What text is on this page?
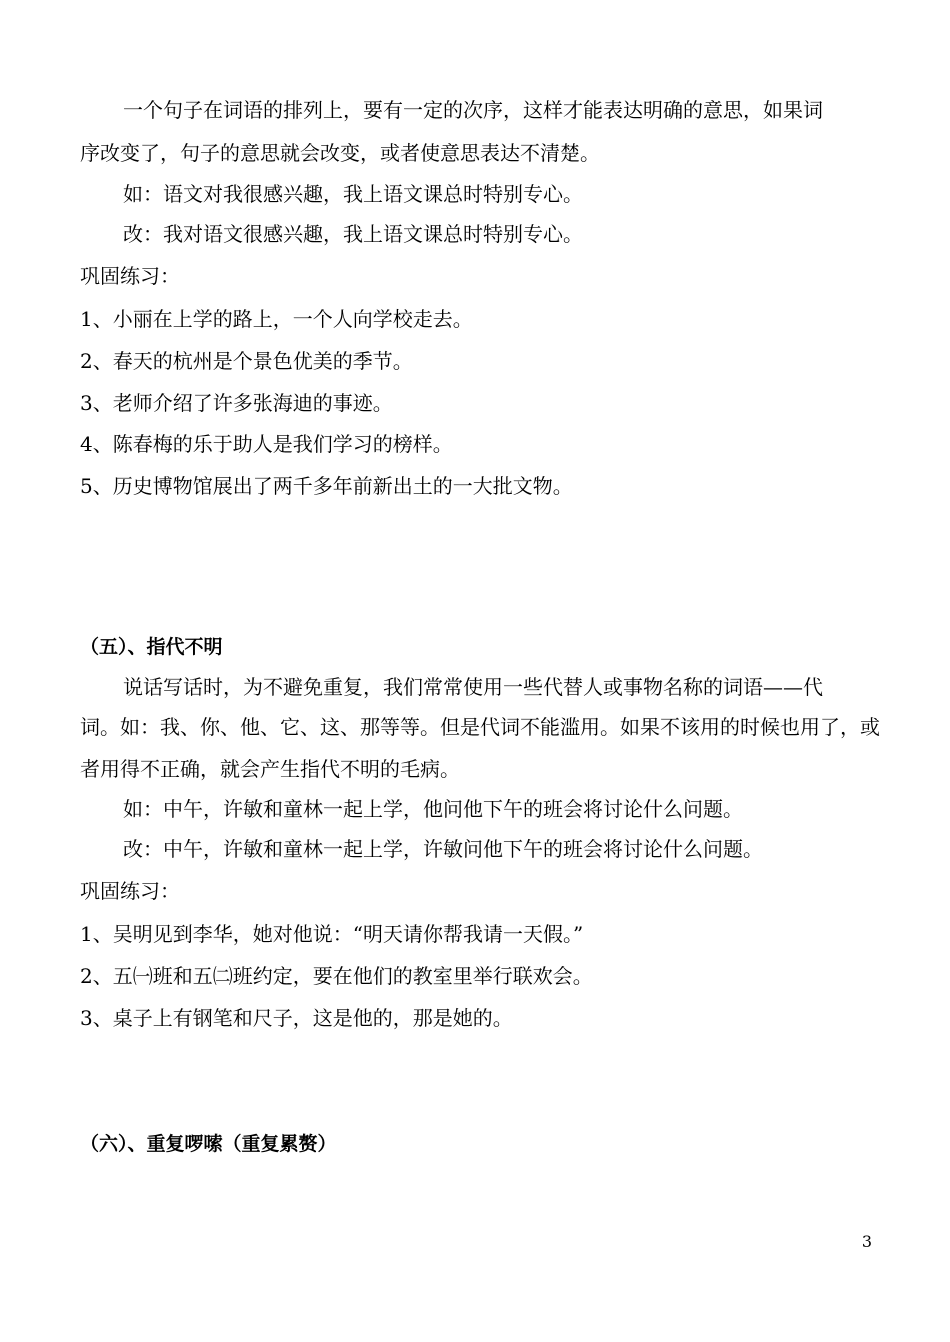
一个句子在词语的排列上，要有一定的次序，这样才能表达明确的意思，如果词
序改变了，句子的意思就会改变，或者使意思表达不清楚。
如：语文对我很感兴趣，我上语文课总时特别专心。
改：我对语文很感兴趣，我上语文课总时特别专心。
巩固练习：
1、小丽在上学的路上，一个人向学校走去。
2、春天的杭州是个景色优美的季节。
3、老师介绍了许多张海迪的事迹。
4、陈春梅的乐于助人是我们学习的榜样。
5、历史博物馆展出了两千多年前新出土的一大批文物。
（五）、指代不明
说话写话时，为不避免重复，我们常常使用一些代替人或事物名称的词语——代
词。如：我、你、他、它、这、那等等。但是代词不能滥用。如果不该用的时候也用了，或
者用得不正确，就会产生指代不明的毛病。
如：中午，许敏和童林一起上学，他问他下午的班会将讨论什么问题。
改：中午，许敏和童林一起上学，许敏问他下午的班会将讨论什么问题。
巩固练习：
1、吴明见到李华，她对他说：“明天请你帮我请一天假。”
2、五㈠班和五㈡班约定，要在他们的教室里举行联欢会。
3、桌子上有钢笔和尺子，这是他的，那是她的。
（六）、重复啰嗦（重复累赘）
3
